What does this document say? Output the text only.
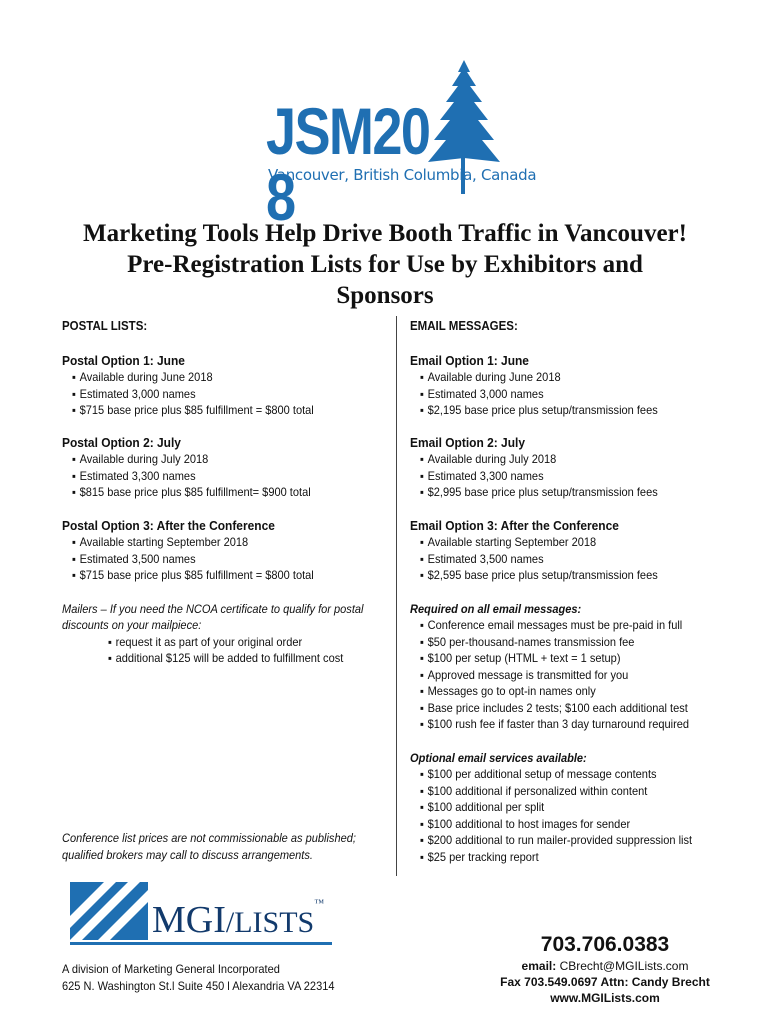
JSM208
Vancouver, British Columbia, Canada
Marketing Tools Help Drive Booth Traffic in Vancouver!
Pre-Registration Lists for Use by Exhibitors and
Sponsors
POSTAL LISTS:
Postal Option 1: June
▪ Available during June 2018
▪ Estimated 3,000 names
▪ $715 base price plus $85 fulfillment = $800 total
Postal Option 2: July
▪ Available during July 2018
▪ Estimated 3,300 names
▪ $815 base price plus $85 fulfillment= $900 total
Postal Option 3: After the Conference
▪ Available starting September 2018
▪ Estimated 3,500 names
▪ $715 base price plus $85 fulfillment = $800 total
Mailers – If you need the NCOA certificate to qualify for postal
discounts on your mailpiece:
▪ request it as part of your original order
▪ additional $125 will be added to fulfillment cost
Conference list prices are not commissionable as published;
qualified brokers may call to discuss arrangements.
EMAIL MESSAGES:
Email Option 1: June
▪ Available during June 2018
▪ Estimated 3,000 names
▪ $2,195 base price plus setup/transmission fees
Email Option 2: July
▪ Available during July 2018
▪ Estimated 3,300 names
▪ $2,995 base price plus setup/transmission fees
Email Option 3: After the Conference
▪ Available starting September 2018
▪ Estimated 3,500 names
▪ $2,595 base price plus setup/transmission fees
Required on all email messages:
▪ Conference email messages must be pre-paid in full
▪ $50 per-thousand-names transmission fee
▪ $100 per setup (HTML + text = 1 setup)
▪ Approved message is transmitted for you
▪ Messages go to opt-in names only
▪ Base price includes 2 tests; $100 each additional test
▪ $100 rush fee if faster than 3 day turnaround required
Optional email services available:
▪ $100 per additional setup of message contents
▪ $100 additional if personalized within content
▪ $100 additional per split
▪ $100 additional to host images for sender
▪ $200 additional to run mailer-provided suppression list
▪ $25 per tracking report
MGI/LISTS™
A division of Marketing General Incorporated
625 N. Washington St.l Suite 450 l Alexandria VA 22314
703.706.0383
email: CBrecht@MGILists.com
Fax 703.549.0697 Attn: Candy Brecht
www.MGILists.com
